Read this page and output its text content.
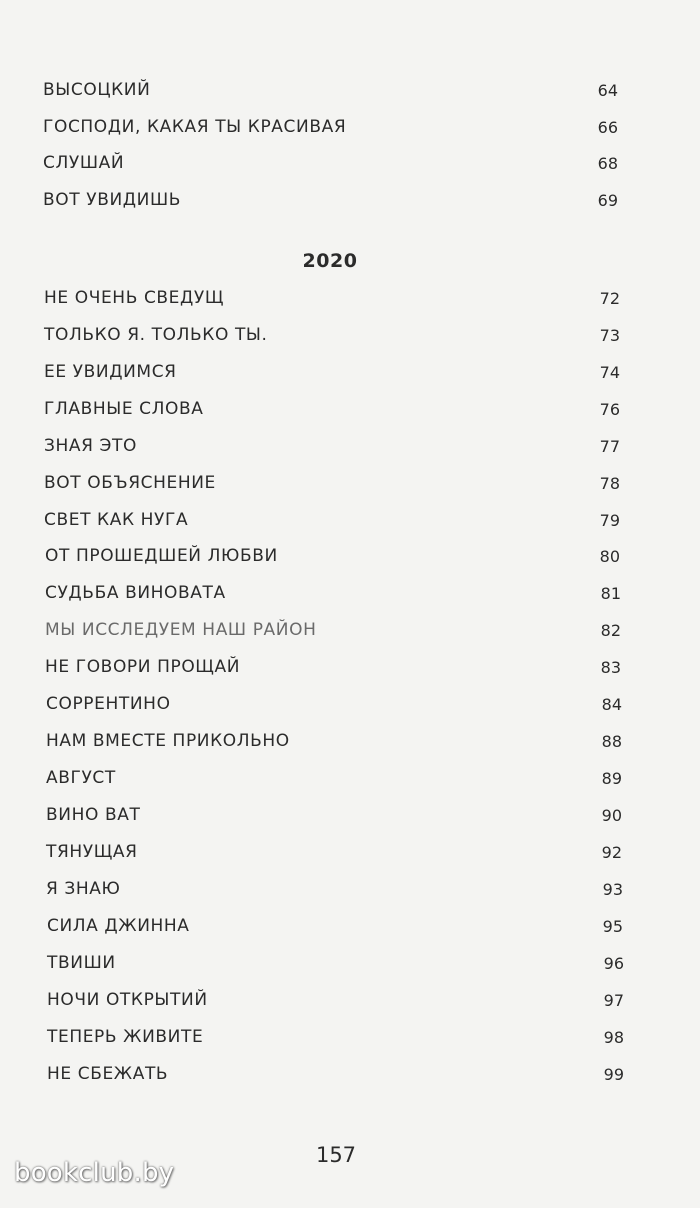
ВЫСОЦКИЙ	64
ГОСПОДИ, КАКАЯ ТЫ КРАСИВАЯ	66
СЛУШАЙ	68
ВОТ УВИДИШЬ	69
2020
НЕ ОЧЕНЬ СВЕДУЩ	72
ТОЛЬКО Я. ТОЛЬКО ТЫ.	73
ЕЕ УВИДИМСЯ	74
ГЛАВНЫЕ СЛОВА	76
ЗНАЯ ЭТО	77
ВОТ ОБЪЯСНЕНИЕ	78
СВЕТ КАК НУГА	79
ОТ ПРОШЕДШЕЙ ЛЮБВИ	80
СУДЬБА ВИНОВАТА	81
МЫ ИССЛЕДУЕМ НАШ РАЙОН	82
НЕ ГОВОРИ ПРОЩАЙ	83
СОРРЕНТИНО	84
НАМ ВМЕСТЕ ПРИКОЛЬНО	88
АВГУСТ	89
ВИНО ВАТ	90
ТЯНУЩАЯ	92
Я ЗНАЮ	93
СИЛА ДЖИННА	95
ТВИШИ	96
НОЧИ ОТКРЫТИЙ	97
ТЕПЕРЬ ЖИВИТЕ	98
НЕ СБЕЖАТЬ	99
157
bookclub.by
